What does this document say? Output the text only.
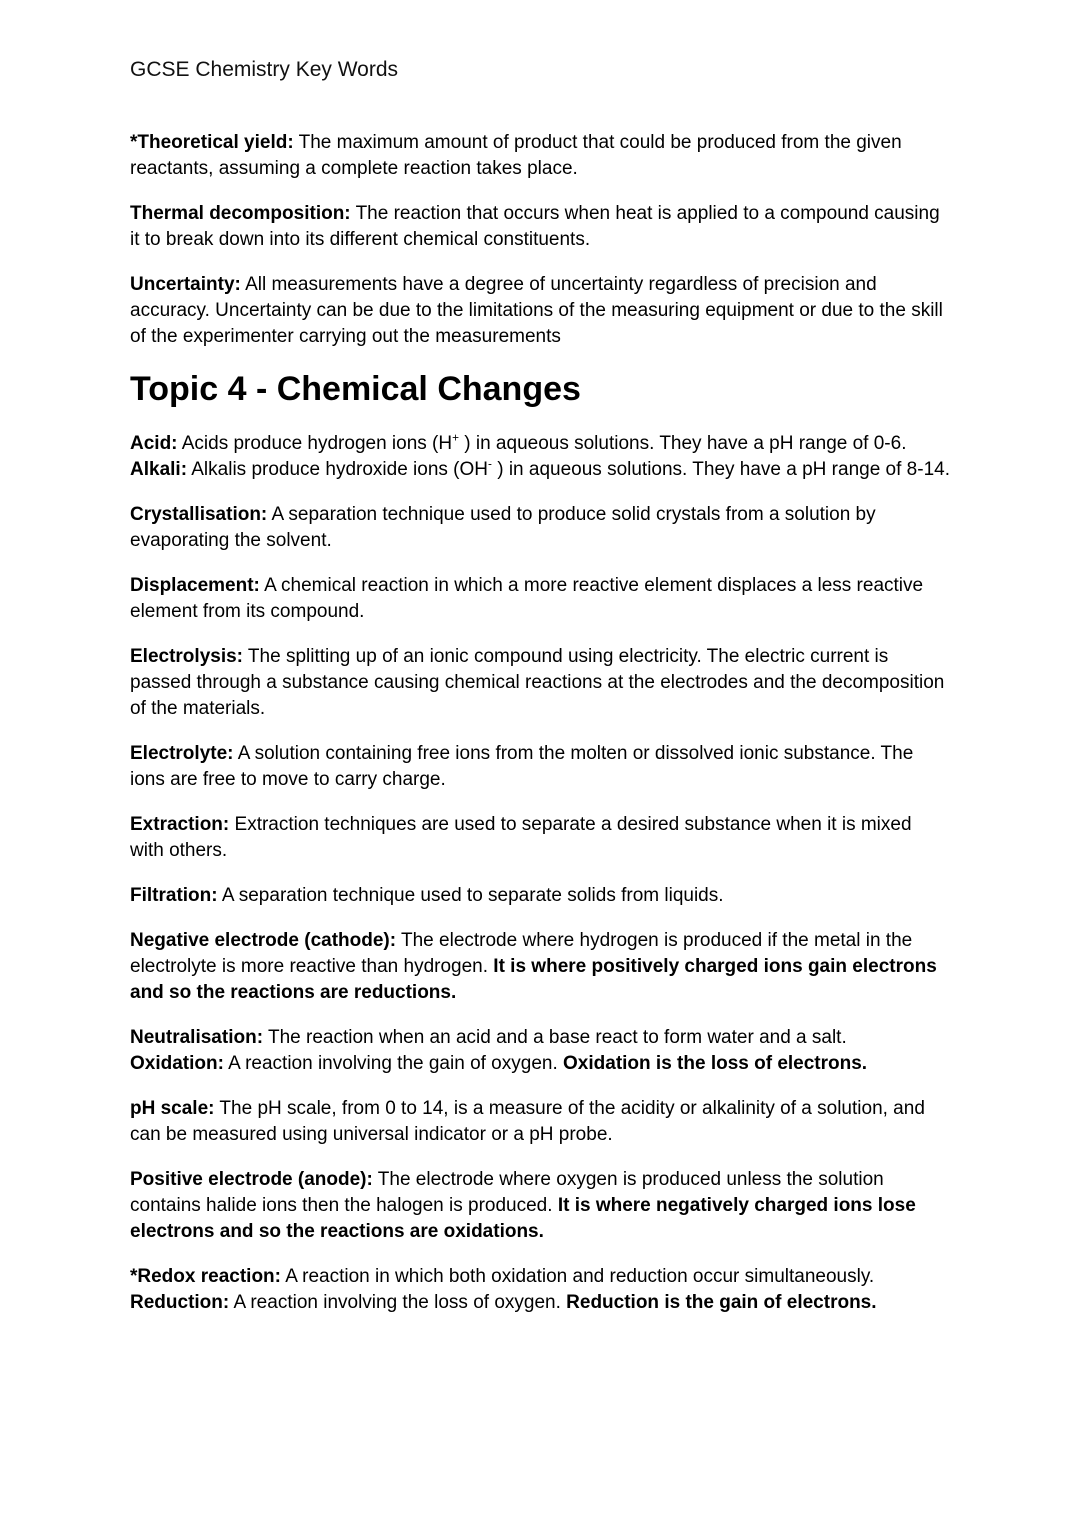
GCSE Chemistry Key Words

*Theoretical yield: The maximum amount of product that could be produced from the given reactants, assuming a complete reaction takes place.

Thermal decomposition: The reaction that occurs when heat is applied to a compound causing it to break down into its different chemical constituents.

Uncertainty: All measurements have a degree of uncertainty regardless of precision and accuracy. Uncertainty can be due to the limitations of the measuring equipment or due to the skill of the experimenter carrying out the measurements

Topic 4 - Chemical Changes

Acid: Acids produce hydrogen ions (H+ ) in aqueous solutions. They have a pH range of 0-6.
Alkali: Alkalis produce hydroxide ions (OH- ) in aqueous solutions. They have a pH range of 8-14.

Crystallisation: A separation technique used to produce solid crystals from a solution by evaporating the solvent.

Displacement: A chemical reaction in which a more reactive element displaces a less reactive element from its compound.

Electrolysis: The splitting up of an ionic compound using electricity. The electric current is passed through a substance causing chemical reactions at the electrodes and the decomposition of the materials.

Electrolyte: A solution containing free ions from the molten or dissolved ionic substance. The ions are free to move to carry charge.

Extraction: Extraction techniques are used to separate a desired substance when it is mixed with others.

Filtration: A separation technique used to separate solids from liquids.

Negative electrode (cathode): The electrode where hydrogen is produced if the metal in the electrolyte is more reactive than hydrogen. It is where positively charged ions gain electrons and so the reactions are reductions.

Neutralisation: The reaction when an acid and a base react to form water and a salt.
Oxidation: A reaction involving the gain of oxygen. Oxidation is the loss of electrons.

pH scale: The pH scale, from 0 to 14, is a measure of the acidity or alkalinity of a solution, and can be measured using universal indicator or a pH probe.

Positive electrode (anode): The electrode where oxygen is produced unless the solution contains halide ions then the halogen is produced. It is where negatively charged ions lose electrons and so the reactions are oxidations.

*Redox reaction: A reaction in which both oxidation and reduction occur simultaneously.
Reduction: A reaction involving the loss of oxygen. Reduction is the gain of electrons.
